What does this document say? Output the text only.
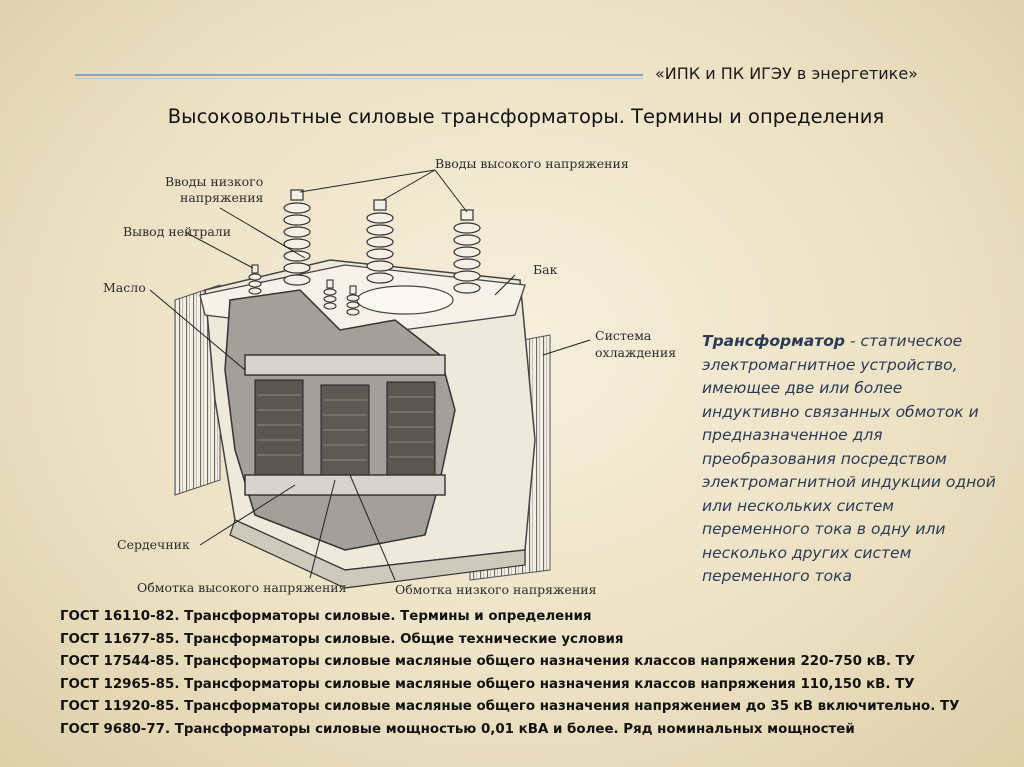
«ИПК и ПК ИГЭУ в энергетике»
Высоковольтные силовые трансформаторы. Термины и определения
Вводы высокого напряжения
Вводы низкого
напряжения
Вывод нейтрали
Масло
Бак
Система
охлаждения
Сердечник
Обмотка высокого напряжения	Обмотка низкого напряжения
Трансформатор - статическое электромагнитное устройство, имеющее две или более индуктивно связанных обмоток и предназначенное для преобразования посредством электромагнитной индукции одной или нескольких систем переменного тока в одну или несколько других систем переменного тока
ГОСТ 16110-82. Трансформаторы силовые. Термины и определения
ГОСТ 11677-85. Трансформаторы силовые. Общие технические условия
ГОСТ 17544-85. Трансформаторы силовые масляные общего назначения классов напряжения 220-750 кВ. ТУ
ГОСТ 12965-85. Трансформаторы силовые масляные общего назначения классов напряжения 110,150 кВ. ТУ
ГОСТ 11920-85. Трансформаторы силовые масляные общего назначения напряжением до 35 кВ включительно. ТУ
ГОСТ 9680-77. Трансформаторы силовые мощностью 0,01 кВА и более. Ряд номинальных мощностей
